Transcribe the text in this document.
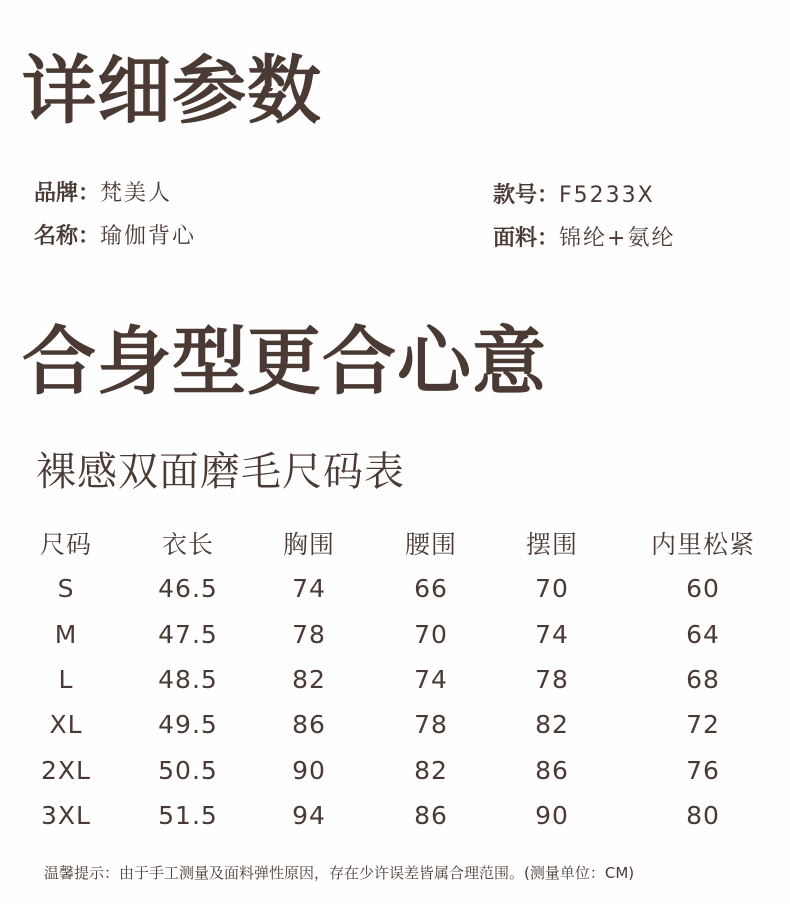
详细参数
品牌：梵美人
名称：瑜伽背心
款号：F5233X
面料：锦纶+氨纶
合身型更合心意
裸感双面磨毛尺码表
尺码	衣长	胸围	腰围	摆围	内里松紧
S	46.5	74	66	70	60
M	47.5	78	70	74	64
L	48.5	82	74	78	68
XL	49.5	86	78	82	72
2XL	50.5	90	82	86	76
3XL	51.5	94	86	90	80
温馨提示：由于手工测量及面料弹性原因，存在少许误差皆属合理范围。(测量单位：CM)
